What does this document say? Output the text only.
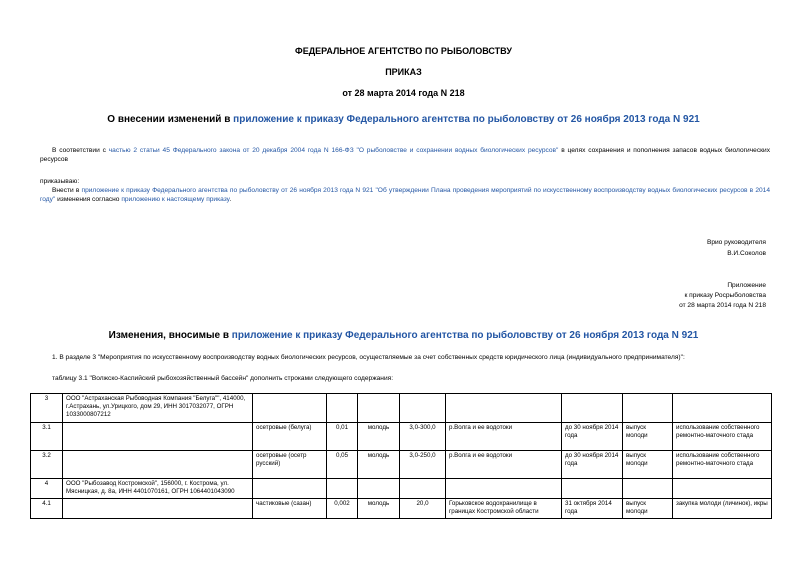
ФЕДЕРАЛЬНОЕ АГЕНТСТВО ПО РЫБОЛОВСТВУ
ПРИКАЗ
от 28 марта 2014 года N 218
О внесении изменений в приложение к приказу Федерального агентства по рыболовству от 26 ноября 2013 года N 921
В соответствии с частью 2 статьи 45 Федерального закона от 20 декабря 2004 года N 166-ФЗ "О рыболовстве и сохранении водных биологических ресурсов" в целях сохранения и пополнения запасов водных биологических ресурсов
приказываю:
Внести в приложение к приказу Федерального агентства по рыболовству от 26 ноября 2013 года N 921 "Об утверждении Плана проведения мероприятий по искусственному воспроизводству водных биологических ресурсов в 2014 году" изменения согласно приложению к настоящему приказу.
Врио руководителя
В.И.Соколов
Приложение
к приказу Росрыболовства
от 28 марта 2014 года N 218
Изменения, вносимые в приложение к приказу Федерального агентства по рыболовству от 26 ноября 2013 года N 921
1. В разделе 3 "Мероприятия по искусственному воспроизводству водных биологических ресурсов, осуществляемые за счет собственных средств юридического лица (индивидуального предпринимателя)":
таблицу 3.1 "Волжско-Каспийский рыбохозяйственный бассейн" дополнить строками следующего содержания:
3	ООО "Астраханская Рыбоводная Компания "Белуга"", 414000, г.Астрахань, ул.Урицкого, дом 29, ИНН 3017032077, ОГРН 1033000807212								
3.1		осетровые (белуга)	0,01	молодь	3,0-300,0	р.Волга и ее водотоки	до 30 ноября 2014 года	выпуск молоди	использование собственного ремонтно-маточного стада
3.2		осетровые (осетр русский)	0,05	молодь	3,0-250,0	р.Волга и ее водотоки	до 30 ноября 2014 года	выпуск молоди	использование собственного ремонтно-маточного стада
4	ООО "Рыбозавод Костромской", 156000, г. Кострома, ул. Мясницкая, д. 8а, ИНН 4401070161, ОГРН 1064401043090								
4.1		частиковые (сазан)	0,002	молодь	20,0	Горьковское водохранилище в границах Костромской области	31 октября 2014 года	выпуск молоди	закупка молоди (личинок), икры
